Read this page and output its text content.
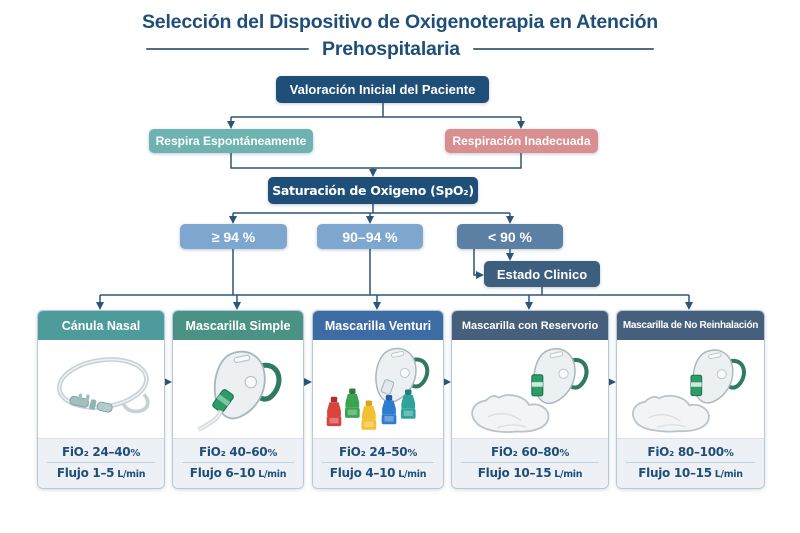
Selección del Dispositivo de Oxigenoterapia en Atención
Prehospitalaria
Valoración Inicial del Paciente
Respira Espontáneamente	Respiración Inadecuada
Saturación de Oxigeno (SpO₂)
≥ 94 %	90–94 %	< 90 %
Estado Clinico
Cánula Nasal
FiO₂ 24–40%
Flujo 1–5 L/min
Mascarilla Simple
FiO₂ 40–60%
Flujo 6–10 L/min
Mascarilla Venturi
FiO₂ 24–50%
Flujo 4–10 L/min
Mascarilla con Reservorio
FiO₂ 60–80%
Flujo 10–15 L/min
Mascarilla de No Reinhalación
FiO₂ 80–100%
Flujo 10–15 L/min
